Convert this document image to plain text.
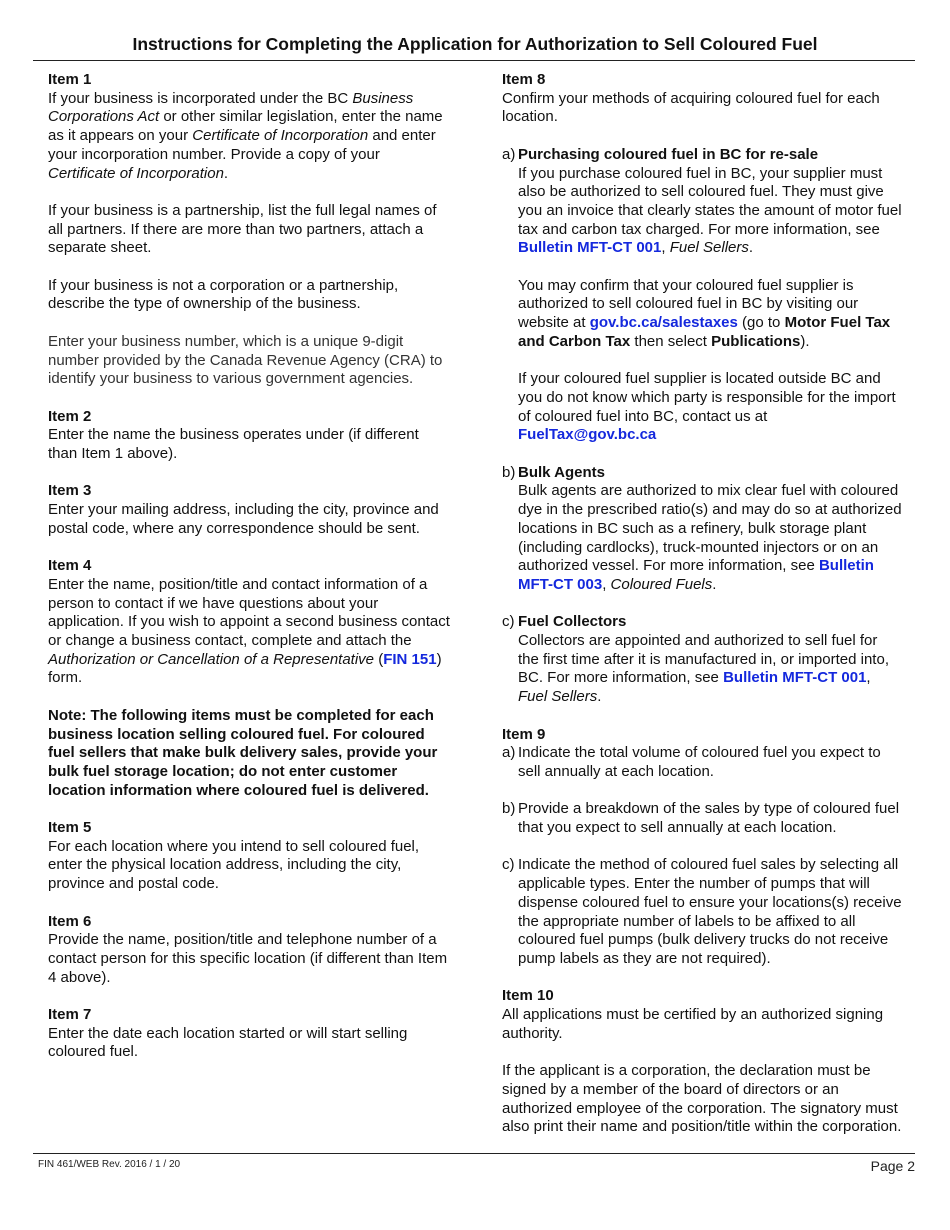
Instructions for Completing the Application for Authorization to Sell Coloured Fuel

Item 1

If your business is incorporated under the BC Business Corporations Act or other similar legislation, enter the name as it appears on your Certificate of Incorporation and enter your incorporation number. Provide a copy of your Certificate of Incorporation.

If your business is a partnership, list the full legal names of all partners. If there are more than two partners, attach a separate sheet.

If your business is not a corporation or a partnership, describe the type of ownership of the business.

Enter your business number, which is a unique 9-digit number provided by the Canada Revenue Agency (CRA) to identify your business to various government agencies.

Item 2

Enter the name the business operates under (if different than Item 1 above).

Item 3

Enter your mailing address, including the city, province and postal code, where any correspondence should be sent.

Item 4

Enter the name, position/title and contact information of a person to contact if we have questions about your application. If you wish to appoint a second business contact or change a business contact, complete and attach the Authorization or Cancellation of a Representative (FIN 151) form.

Note: The following items must be completed for each business location selling coloured fuel. For coloured fuel sellers that make bulk delivery sales, provide your bulk fuel storage location; do not enter customer location information where coloured fuel is delivered.

Item 5

For each location where you intend to sell coloured fuel, enter the physical location address, including the city, province and postal code.

Item 6

Provide the name, position/title and telephone number of a contact person for this specific location (if different than Item 4 above).

Item 7

Enter the date each location started or will start selling coloured fuel.

Item 8

Confirm your methods of acquiring coloured fuel for each location.

a) Purchasing coloured fuel in BC for re-sale

If you purchase coloured fuel in BC, your supplier must also be authorized to sell coloured fuel. They must give you an invoice that clearly states the amount of motor fuel tax and carbon tax charged. For more information, see Bulletin MFT-CT 001, Fuel Sellers.

You may confirm that your coloured fuel supplier is authorized to sell coloured fuel in BC by visiting our website at gov.bc.ca/salestaxes (go to Motor Fuel Tax and Carbon Tax then select Publications).

If your coloured fuel supplier is located outside BC and you do not know which party is responsible for the import of coloured fuel into BC, contact us at FuelTax@gov.bc.ca

b) Bulk Agents

Bulk agents are authorized to mix clear fuel with coloured dye in the prescribed ratio(s) and may do so at authorized locations in BC such as a refinery, bulk storage plant (including cardlocks), truck-mounted injectors or on an authorized vessel. For more information, see Bulletin MFT-CT 003, Coloured Fuels.

c) Fuel Collectors

Collectors are appointed and authorized to sell fuel for the first time after it is manufactured in, or imported into, BC. For more information, see Bulletin MFT-CT 001, Fuel Sellers.

Item 9

a) Indicate the total volume of coloured fuel you expect to sell annually at each location.

b) Provide a breakdown of the sales by type of coloured fuel that you expect to sell annually at each location.

c) Indicate the method of coloured fuel sales by selecting all applicable types. Enter the number of pumps that will dispense coloured fuel to ensure your locations(s) receive the appropriate number of labels to be affixed to all coloured fuel pumps (bulk delivery trucks do not receive pump labels as they are not required).

Item 10

All applications must be certified by an authorized signing authority.

If the applicant is a corporation, the declaration must be signed by a member of the board of directors or an authorized employee of the corporation. The signatory must also print their name and position/title within the corporation.

FIN 461/WEB Rev. 2016 / 1 / 20	Page 2
